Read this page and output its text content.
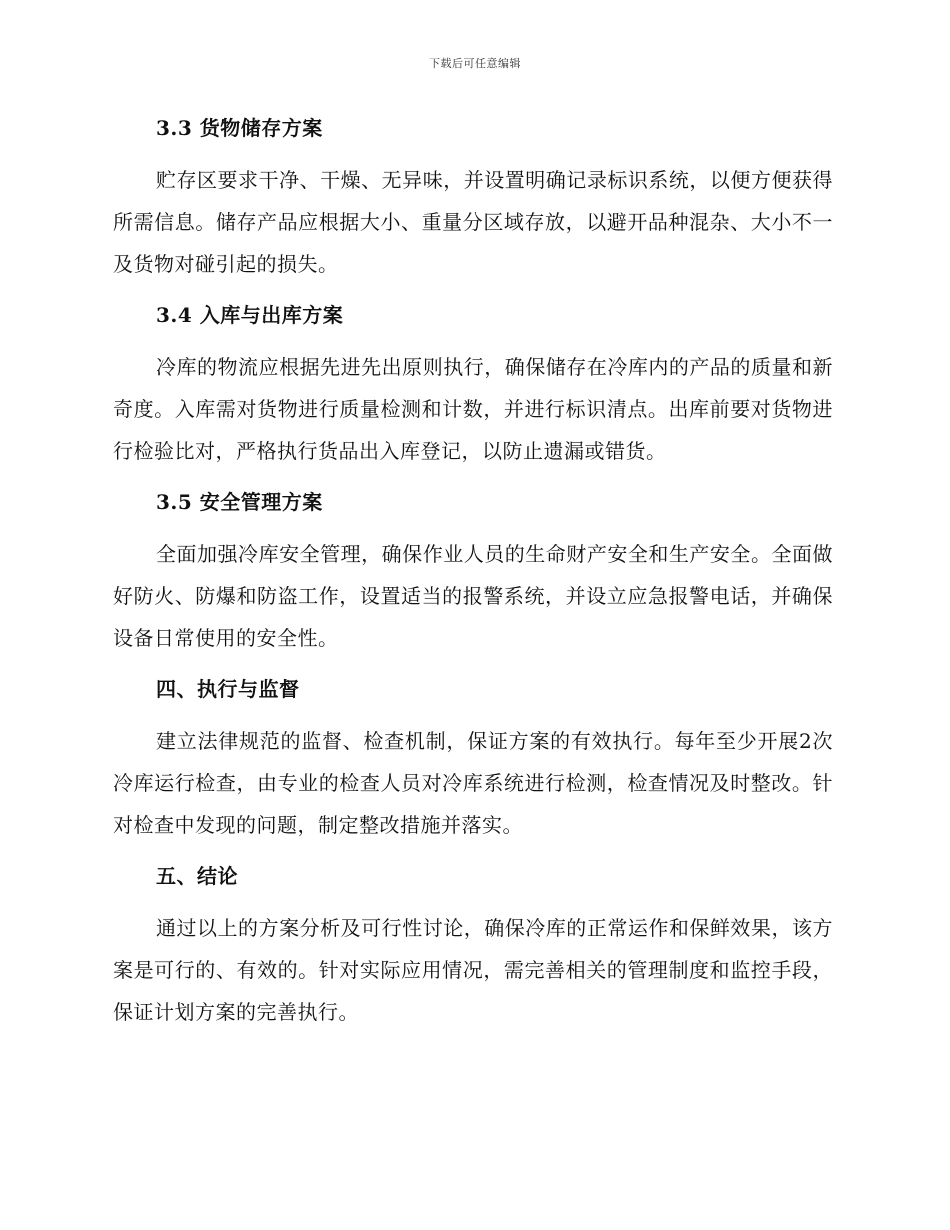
下载后可任意编辑
3.3 货物储存方案

贮存区要求干净、干燥、无异味，并设置明确记录标识系统，以便方便获得所需信息。储存产品应根据大小、重量分区域存放，以避开品种混杂、大小不一及货物对碰引起的损失。

3.4 入库与出库方案

冷库的物流应根据先进先出原则执行，确保储存在冷库内的产品的质量和新奇度。入库需对货物进行质量检测和计数，并进行标识清点。出库前要对货物进行检验比对，严格执行货品出入库登记，以防止遗漏或错货。

3.5 安全管理方案

全面加强冷库安全管理，确保作业人员的生命财产安全和生产安全。全面做好防火、防爆和防盗工作，设置适当的报警系统，并设立应急报警电话，并确保设备日常使用的安全性。

四、执行与监督

建立法律规范的监督、检查机制，保证方案的有效执行。每年至少开展2次冷库运行检查，由专业的检查人员对冷库系统进行检测，检查情况及时整改。针对检查中发现的问题，制定整改措施并落实。

五、结论

通过以上的方案分析及可行性讨论，确保冷库的正常运作和保鲜效果，该方案是可行的、有效的。针对实际应用情况，需完善相关的管理制度和监控手段，保证计划方案的完善执行。
